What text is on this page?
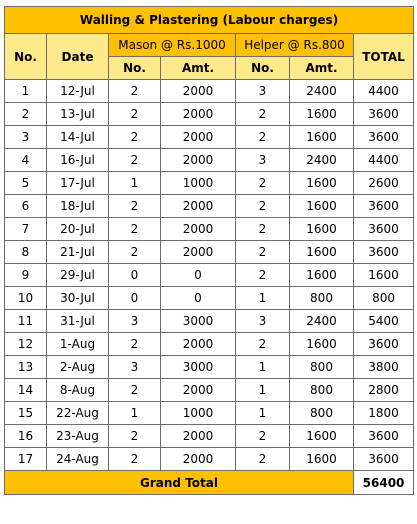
Walling & Plastering (Labour charges)						
No.	Date	Mason @ Rs.1000		Helper @ Rs.800		TOTAL
		No.	Amt.	No.	Amt.	
1	12-Jul	2	2000	3	2400	4400
2	13-Jul	2	2000	2	1600	3600
3	14-Jul	2	2000	2	1600	3600
4	16-Jul	2	2000	3	2400	4400
5	17-Jul	1	1000	2	1600	2600
6	18-Jul	2	2000	2	1600	3600
7	20-Jul	2	2000	2	1600	3600
8	21-Jul	2	2000	2	1600	3600
9	29-Jul	0	0	2	1600	1600
10	30-Jul	0	0	1	800	800
11	31-Jul	3	3000	3	2400	5400
12	1-Aug	2	2000	2	1600	3600
13	2-Aug	3	3000	1	800	3800
14	8-Aug	2	2000	1	800	2800
15	22-Aug	1	1000	1	800	1800
16	23-Aug	2	2000	2	1600	3600
17	24-Aug	2	2000	2	1600	3600
Grand Total						56400
